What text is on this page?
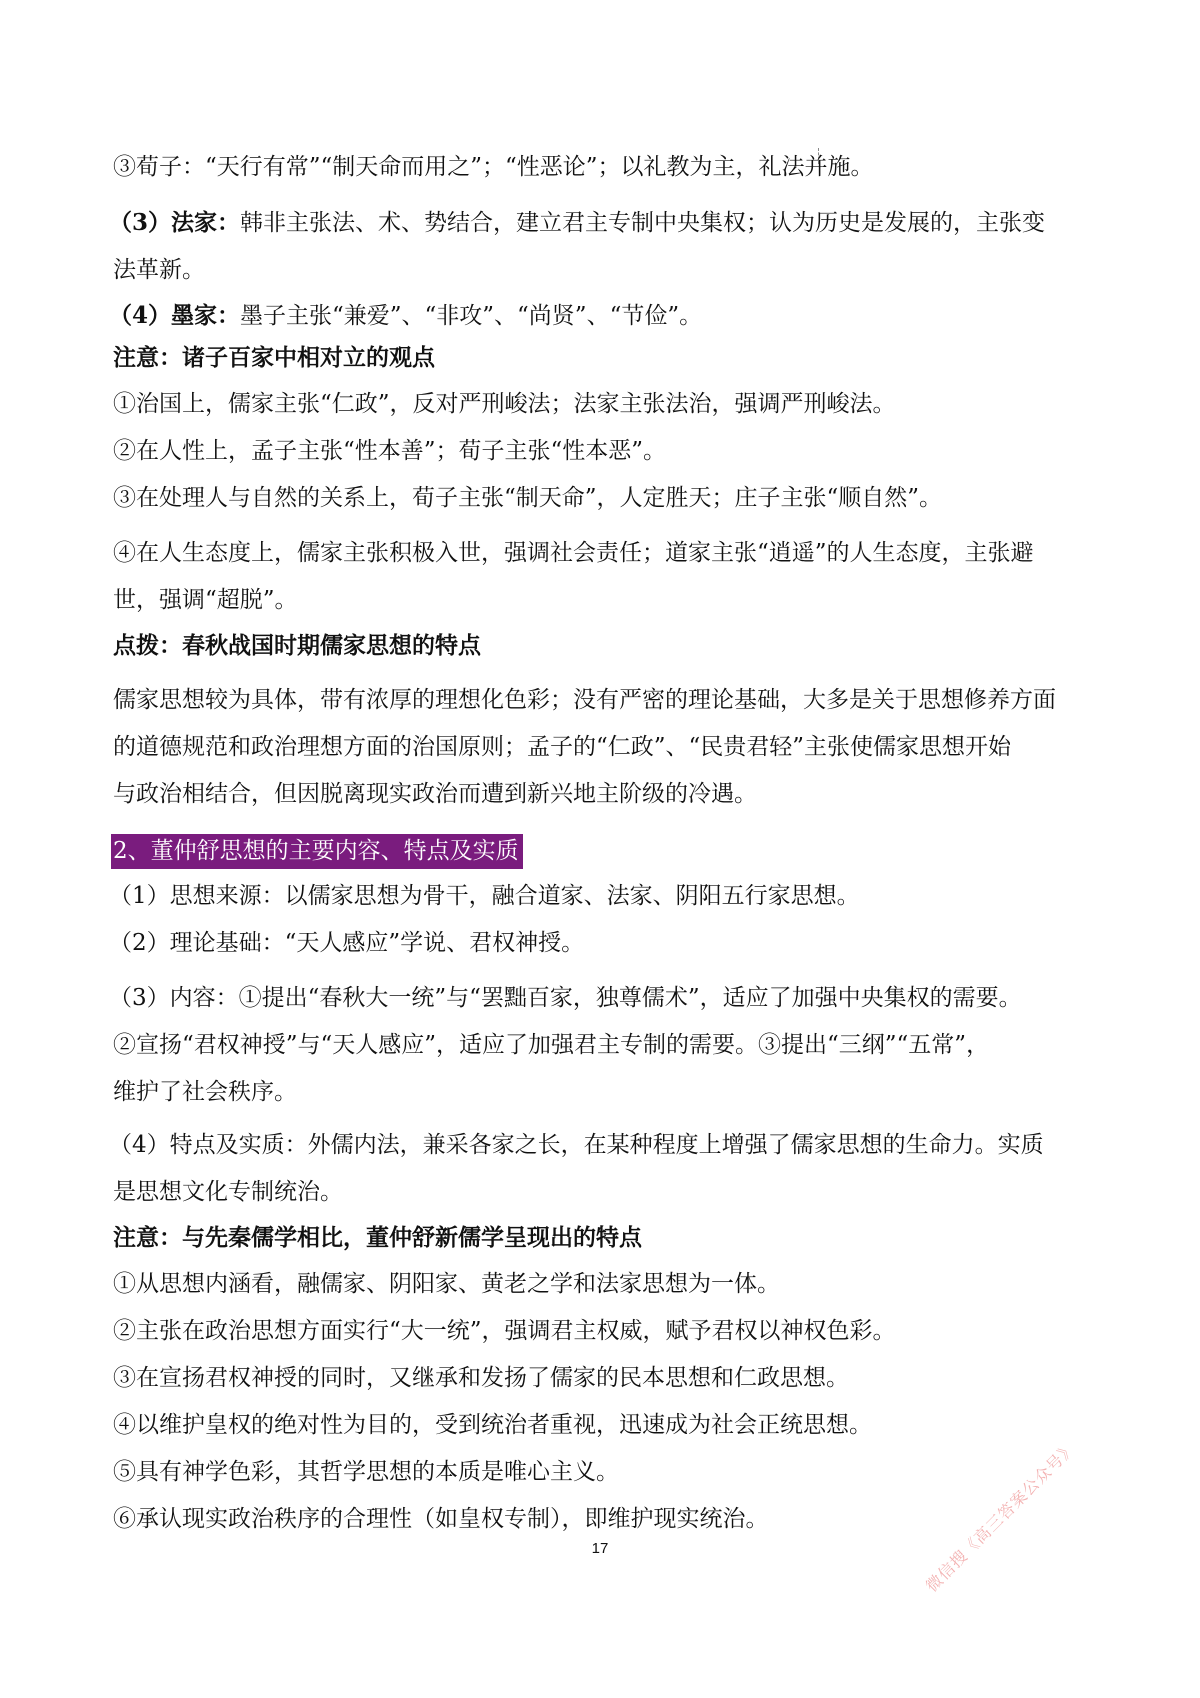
③荀子：“天行有常”“制天命而用之”；“性恶论”；以礼教为主，礼法并施。
（3）法家：韩非主张法、术、势结合，建立君主专制中央集权；认为历史是发展的，主张变
法革新。
（4）墨家：墨子主张“兼爱”、“非攻”、“尚贤”、“节俭”。
注意：诸子百家中相对立的观点
①治国上，儒家主张“仁政”，反对严刑峻法；法家主张法治，强调严刑峻法。
②在人性上，孟子主张“性本善”；荀子主张“性本恶”。
③在处理人与自然的关系上，荀子主张“制天命”，人定胜天；庄子主张“顺自然”。
④在人生态度上，儒家主张积极入世，强调社会责任；道家主张“逍遥”的人生态度，主张避
世，强调“超脱”。
点拨：春秋战国时期儒家思想的特点
儒家思想较为具体，带有浓厚的理想化色彩；没有严密的理论基础，大多是关于思想修养方面
的道德规范和政治理想方面的治国原则；孟子的“仁政”、“民贵君轻”主张使儒家思想开始
与政治相结合，但因脱离现实政治而遭到新兴地主阶级的冷遇。
2、董仲舒思想的主要内容、特点及实质
（1）思想来源：以儒家思想为骨干，融合道家、法家、阴阳五行家思想。
（2）理论基础：“天人感应”学说、君权神授。
（3）内容：①提出“春秋大一统”与“罢黜百家，独尊儒术”，适应了加强中央集权的需要。
②宣扬“君权神授”与“天人感应”，适应了加强君主专制的需要。③提出“三纲”“五常”，
维护了社会秩序。
（4）特点及实质：外儒内法，兼采各家之长，在某种程度上增强了儒家思想的生命力。实质
是思想文化专制统治。
注意：与先秦儒学相比，董仲舒新儒学呈现出的特点
①从思想内涵看，融儒家、阴阳家、黄老之学和法家思想为一体。
②主张在政治思想方面实行“大一统”，强调君主权威，赋予君权以神权色彩。
③在宣扬君权神授的同时，又继承和发扬了儒家的民本思想和仁政思想。
④以维护皇权的绝对性为目的，受到统治者重视，迅速成为社会正统思想。
⑤具有神学色彩，其哲学思想的本质是唯心主义。
⑥承认现实政治秩序的合理性（如皇权专制），即维护现实统治。
17	微信搜《高三答案公众号》
